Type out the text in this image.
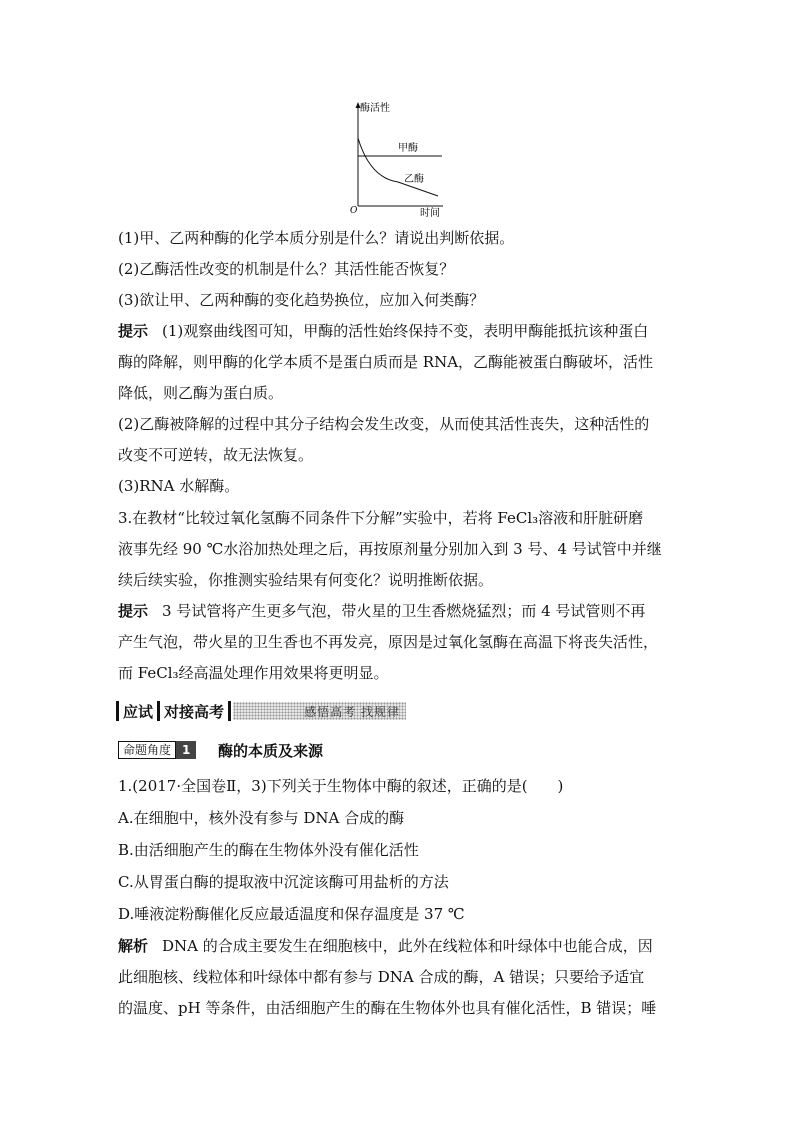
酶活性
时间
O
甲酶
乙酶
(1)甲、乙两种酶的化学本质分别是什么？请说出判断依据。
(2)乙酶活性改变的机制是什么？其活性能否恢复？
(3)欲让甲、乙两种酶的变化趋势换位，应加入何类酶？
提示 (1)观察曲线图可知，甲酶的活性始终保持不变，表明甲酶能抵抗该种蛋白
酶的降解，则甲酶的化学本质不是蛋白质而是 RNA，乙酶能被蛋白酶破坏，活性
降低，则乙酶为蛋白质。
(2)乙酶被降解的过程中其分子结构会发生改变，从而使其活性丧失，这种活性的
改变不可逆转，故无法恢复。
(3)RNA 水解酶。
3.在教材“比较过氧化氢酶不同条件下分解”实验中，若将 FeCl₃溶液和肝脏研磨
液事先经 90 ℃水浴加热处理之后，再按原剂量分别加入到 3 号、4 号试管中并继
续后续实验，你推测实验结果有何变化？说明推断依据。
提示 3 号试管将产生更多气泡，带火星的卫生香燃烧猛烈；而 4 号试管则不再
产生气泡，带火星的卫生香也不再发亮，原因是过氧化氢酶在高温下将丧失活性，
而 FeCl₃经高温处理作用效果将更明显。
应试 对接高考	感悟高考 找规律
命题角度 1	酶的本质及来源
1.(2017·全国卷Ⅱ，3)下列关于生物体中酶的叙述，正确的是(　　)
A.在细胞中，核外没有参与 DNA 合成的酶
B.由活细胞产生的酶在生物体外没有催化活性
C.从胃蛋白酶的提取液中沉淀该酶可用盐析的方法
D.唾液淀粉酶催化反应最适温度和保存温度是 37 ℃
解析 DNA 的合成主要发生在细胞核中，此外在线粒体和叶绿体中也能合成，因
此细胞核、线粒体和叶绿体中都有参与 DNA 合成的酶，A 错误；只要给予适宜
的温度、pH 等条件，由活细胞产生的酶在生物体外也具有催化活性，B 错误；唾
